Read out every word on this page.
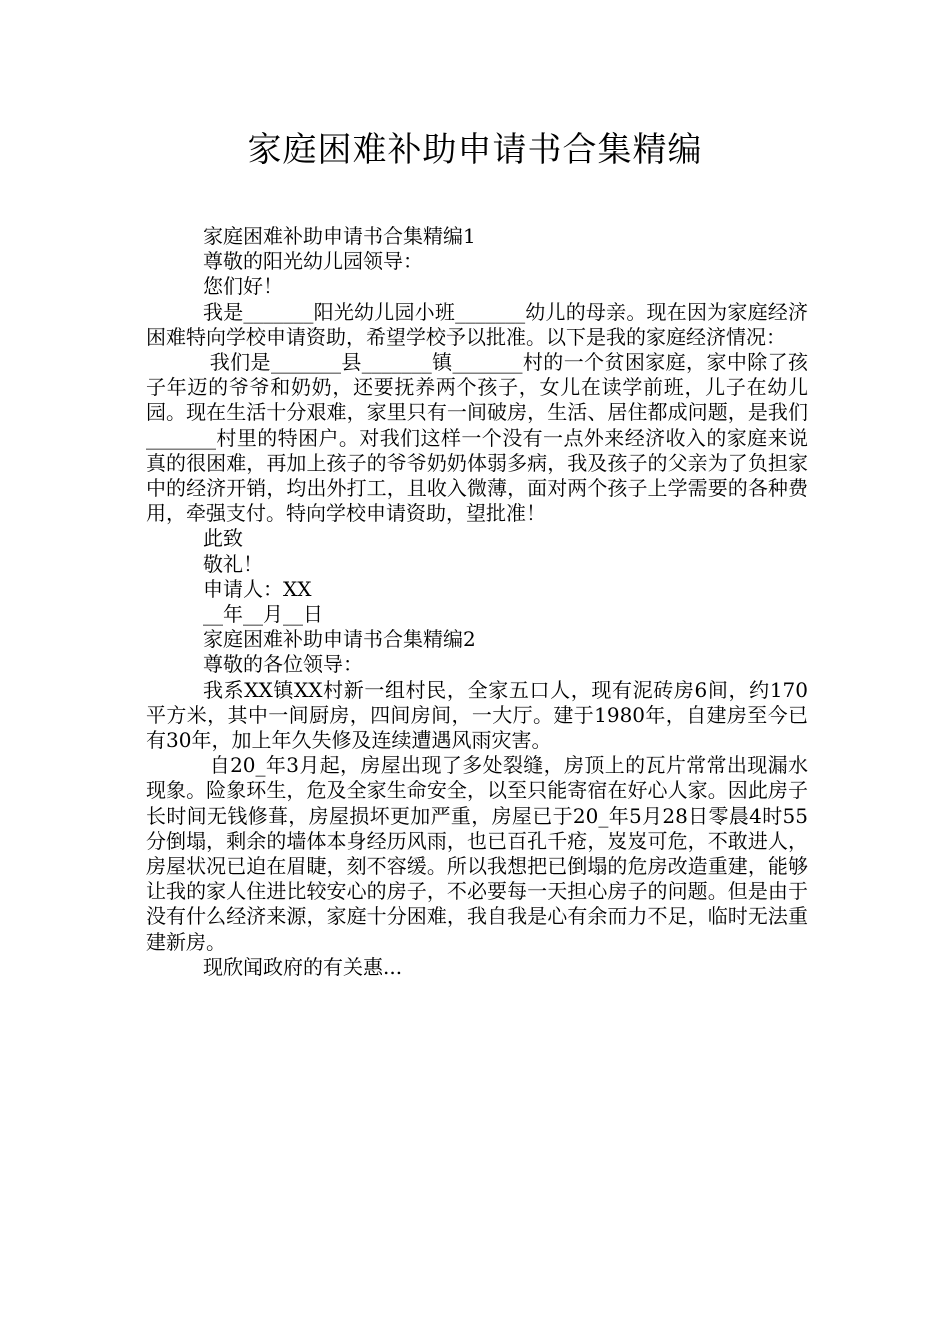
家庭困难补助申请书合集精编

家庭困难补助申请书合集精编1

尊敬的阳光幼儿园领导：

您们好！

我是_______阳光幼儿园小班_______幼儿的母亲。现在因为家庭经济困难特向学校申请资助，希望学校予以批准。以下是我的家庭经济情况：

我们是_______县_______镇_______村的一个贫困家庭，家中除了孩子年迈的爷爷和奶奶，还要抚养两个孩子，女儿在读学前班，儿子在幼儿园。现在生活十分艰难，家里只有一间破房，生活、居住都成问题，是我们_______村里的特困户。对我们这样一个没有一点外来经济收入的家庭来说真的很困难，再加上孩子的爷爷奶奶体弱多病，我及孩子的父亲为了负担家中的经济开销，均出外打工，且收入微薄，面对两个孩子上学需要的各种费用，牵强支付。特向学校申请资助，望批准！

此致

敬礼！

申请人：XX

__年__月__日

家庭困难补助申请书合集精编2

尊敬的各位领导：

我系XX镇XX村新一组村民，全家五口人，现有泥砖房6间，约170平方米，其中一间厨房，四间房间，一大厅。建于1980年，自建房至今已有30年，加上年久失修及连续遭遇风雨灾害。

自20_年3月起，房屋出现了多处裂缝，房顶上的瓦片常常出现漏水现象。险象环生，危及全家生命安全，以至只能寄宿在好心人家。因此房子长时间无钱修葺，房屋损坏更加严重，房屋已于20_年5月28日零晨4时55分倒塌，剩余的墙体本身经历风雨，也已百孔千疮，岌岌可危，不敢进人，房屋状况已迫在眉睫，刻不容缓。所以我想把已倒塌的危房改造重建，能够让我的家人住进比较安心的房子，不必要每一天担心房子的问题。但是由于没有什么经济来源，家庭十分困难，我自我是心有余而力不足，临时无法重建新房。

现欣闻政府的有关惠...
